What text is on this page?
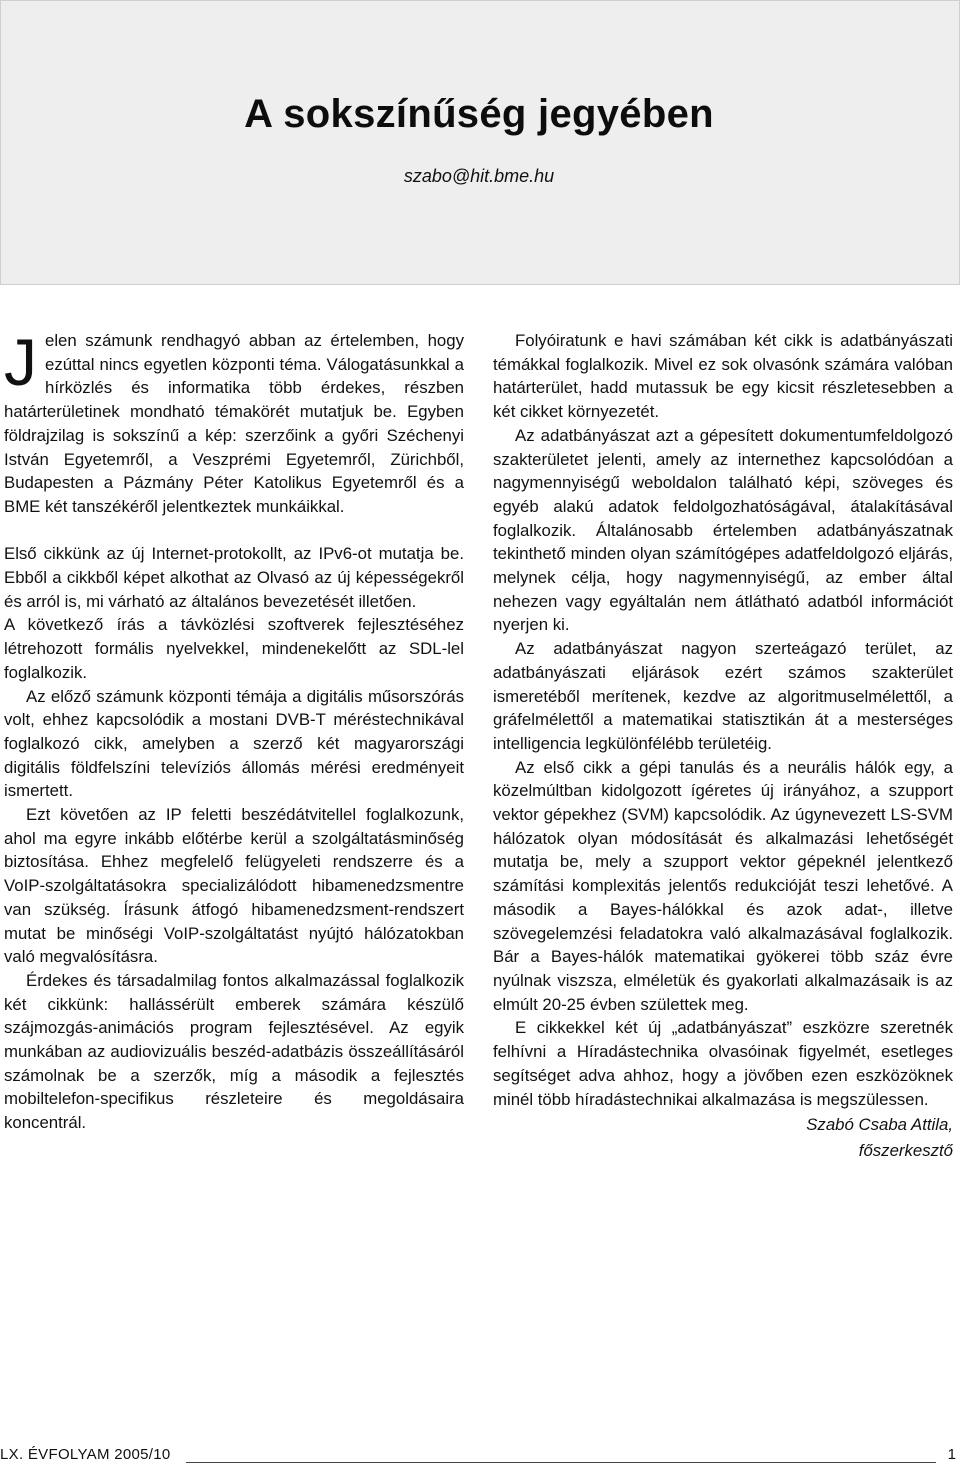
A sokszínűség jegyében
szabo@hit.bme.hu

Jelen számunk rendhagyó abban az értelemben, hogy ezúttal nincs egyetlen központi téma. Válogatásunkkal a hírközlés és informatika több érdekes, részben határterületinek mondható témakörét mutatjuk be. Egyben földrajzilag is sokszínű a kép: szerzőink a győri Széchenyi István Egyetemről, a Veszprémi Egyetemről, Zürichből, Budapesten a Pázmány Péter Katolikus Egyetemről és a BME két tanszékéről jelentkeztek munkáikkal.

Első cikkünk az új Internet-protokollt, az IPv6-ot mutatja be. Ebből a cikkből képet alkothat az Olvasó az új képességekről és arról is, mi várható az általános bevezetését illetően.

A következő írás a távközlési szoftverek fejlesztéséhez létrehozott formális nyelvekkel, mindenekelőtt az SDL-lel foglalkozik.

Az előző számunk központi témája a digitális műsorszórás volt, ehhez kapcsolódik a mostani DVB-T méréstechnikával foglalkozó cikk, amelyben a szerző két magyarországi digitális földfelszíni televíziós állomás mérési eredményeit ismertett.

Ezt követően az IP feletti beszédátvitellel foglalkozunk, ahol ma egyre inkább előtérbe kerül a szolgáltatásminőség biztosítása. Ehhez megfelelő felügyeleti rendszerre és a VoIP-szolgáltatásokra specializálódott hibamenedzsmentre van szükség. Írásunk átfogó hibamenedzsment-rendszert mutat be minőségi VoIP-szolgáltatást nyújtó hálózatokban való megvalósításra.

Érdekes és társadalmilag fontos alkalmazással foglalkozik két cikkünk: hallássérült emberek számára készülő szájmozgás-animációs program fejlesztésével. Az egyik munkában az audiovizuális beszéd-adatbázis összeállításáról számolnak be a szerzők, míg a második a fejlesztés mobiltelefon-specifikus részleteire és megoldásaira koncentrál.

Folyóiratunk e havi számában két cikk is adatbányászati témákkal foglalkozik. Mivel ez sok olvasónk számára valóban határterület, hadd mutassuk be egy kicsit részletesebben a két cikket környezetét.

Az adatbányászat azt a gépesített dokumentumfeldolgozó szakterületet jelenti, amely az internethez kapcsolódóan a nagymennyiségű weboldalon található képi, szöveges és egyéb alakú adatok feldolgozhatóságával, átalakításával foglalkozik. Általánosabb értelemben adatbányászatnak tekinthető minden olyan számítógépes adatfeldolgozó eljárás, melynek célja, hogy nagymennyiségű, az ember által nehezen vagy egyáltalán nem átlátható adatból információt nyerjen ki.

Az adatbányászat nagyon szerteágazó terület, az adatbányászati eljárások ezért számos szakterület ismeretéből merítenek, kezdve az algoritmuselmélettől, a gráfelmélettől a matematikai statisztikán át a mesterséges intelligencia legkülönfélébb területéig.

Az első cikk a gépi tanulás és a neurális hálók egy, a közelmúltban kidolgozott ígéretes új irányához, a szupport vektor gépekhez (SVM) kapcsolódik. Az úgynevezett LS-SVM hálózatok olyan módosítását és alkalmazási lehetőségét mutatja be, mely a szupport vektor gépeknél jelentkező számítási komplexitás jelentős redukcióját teszi lehetővé. A második a Bayes-hálókkal és azok adat-, illetve szövegelemzési feladatokra való alkalmazásával foglalkozik. Bár a Bayes-hálók matematikai gyökerei több száz évre nyúlnak viszsza, elméletük és gyakorlati alkalmazásaik is az elmúlt 20-25 évben születtek meg.

E cikkekkel két új „adatbányászat” eszközre szeretnék felhívni a Híradástechnika olvasóinak figyelmét, esetleges segítséget adva ahhoz, hogy a jövőben ezen eszközöknek minél több híradástechnikai alkalmazása is megszülessen.

Szabó Csaba Attila,
főszerkesztő
LX. ÉVFOLYAM 2005/10	1
